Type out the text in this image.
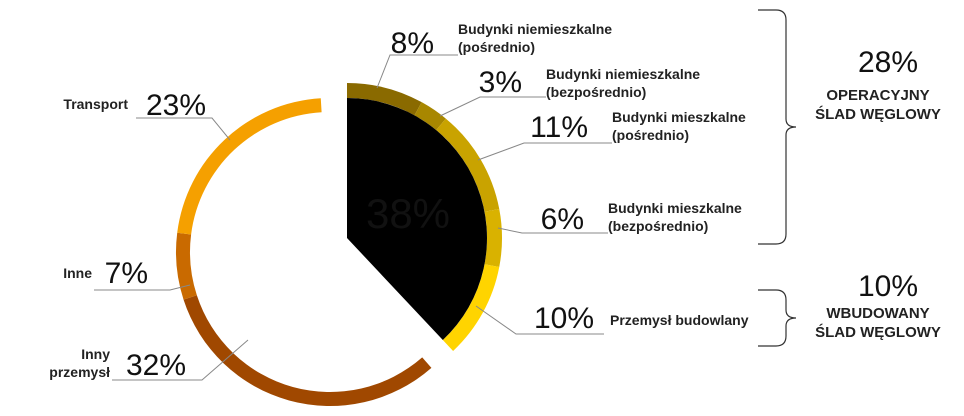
38%
8% Budynki niemieszkalne (pośrednio)
3% Budynki niemieszkalne (bezpośrednio)
11% Budynki mieszkalne (pośrednio)
6% Budynki mieszkalne (bezpośrednio)
10% Przemysł budowlany
32%
Inny przemysł
7%
Inne
23%
Transport
28%
OPERACYJNY ŚLAD WĘGLOWY
10%
WBUDOWANY ŚLAD WĘGLOWY
